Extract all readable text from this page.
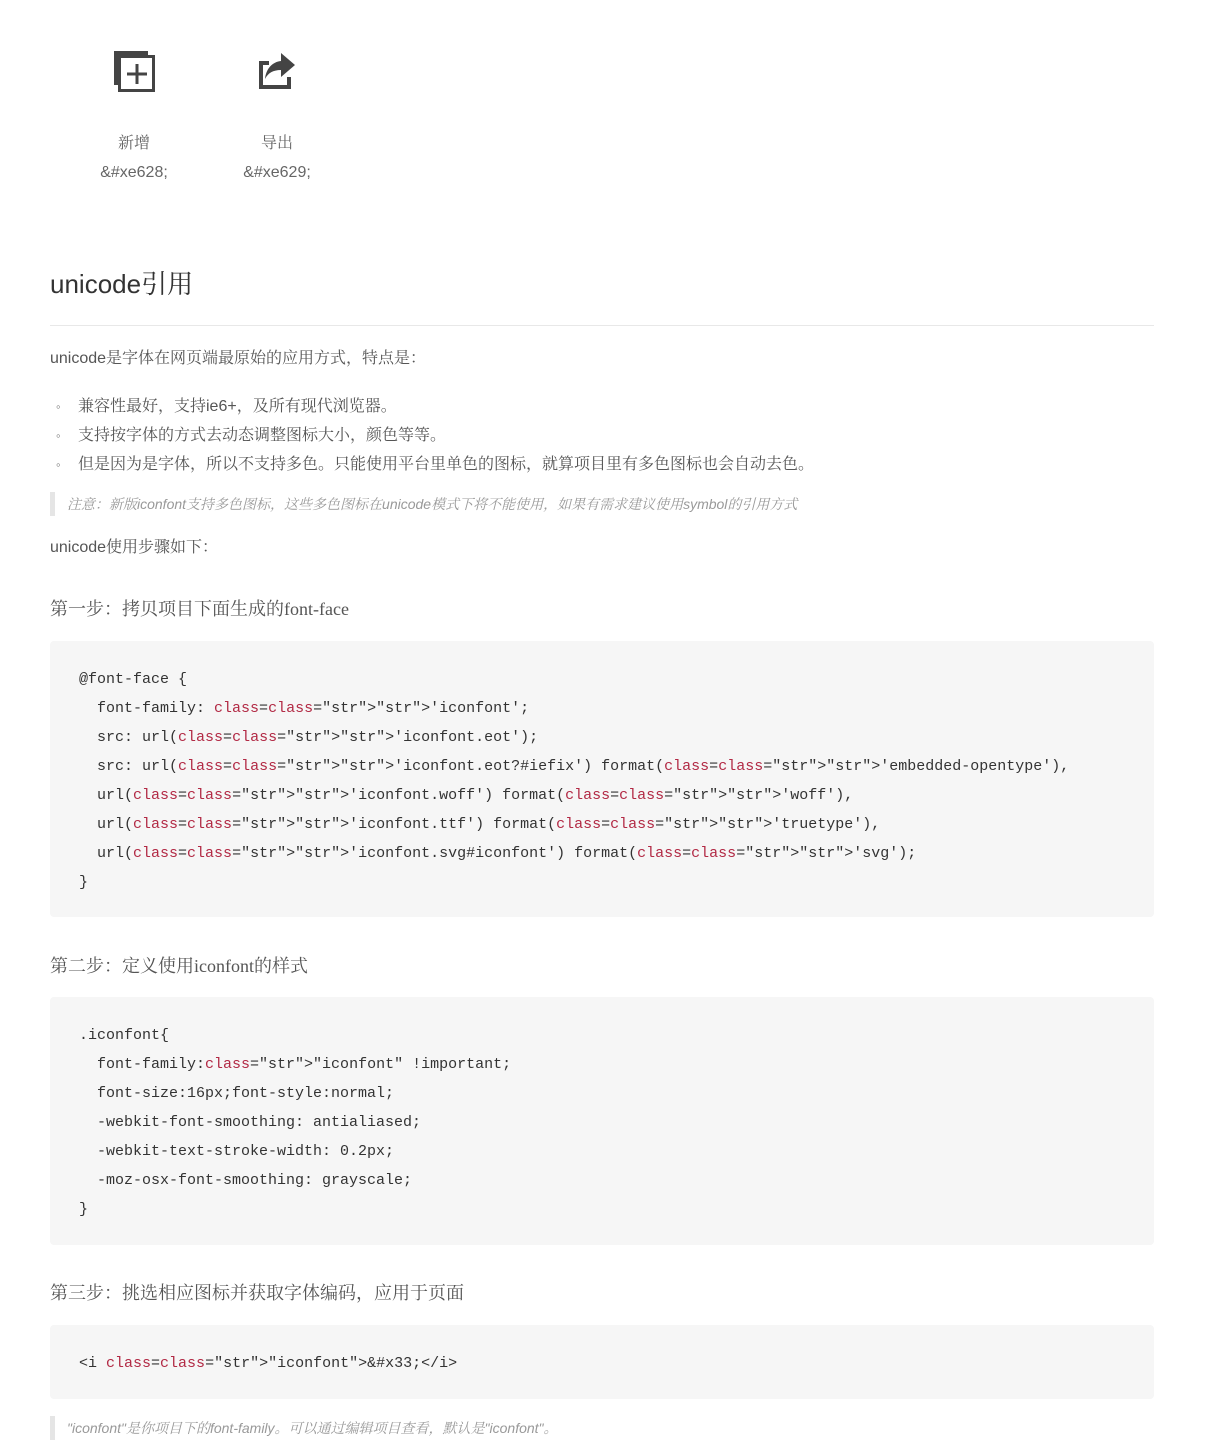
新增
&#xe628;
导出
&#xe629;
unicode引用
unicode是字体在网页端最原始的应用方式，特点是：
◦ 兼容性最好，支持ie6+，及所有现代浏览器。
◦ 支持按字体的方式去动态调整图标大小，颜色等等。
◦ 但是因为是字体，所以不支持多色。只能使用平台里单色的图标，就算项目里有多色图标也会自动去色。
注意：新版iconfont支持多色图标，这些多色图标在unicode模式下将不能使用，如果有需求建议使用symbol的引用方式
unicode使用步骤如下：
第一步：拷贝项目下面生成的font-face
@font-face {
font-family: class=class="str">"str">'iconfont';
src: url(class=class="str">"str">'iconfont.eot');
src: url(class=class="str">"str">'iconfont.eot?#iefix') format(class=class="str">"str">'embedded-opentype'),
url(class=class="str">"str">'iconfont.woff') format(class=class="str">"str">'woff'),
url(class=class="str">"str">'iconfont.ttf') format(class=class="str">"str">'truetype'),
url(class=class="str">"str">'iconfont.svg#iconfont') format(class=class="str">"str">'svg');
}
第二步：定义使用iconfont的样式
.iconfont{
font-family:class="str">"iconfont" !important;
font-size:16px;font-style:normal;
-webkit-font-smoothing: antialiased;
-webkit-text-stroke-width: 0.2px;
-moz-osx-font-smoothing: grayscale;
}
第三步：挑选相应图标并获取字体编码，应用于页面
<i class=class="str">"iconfont">&#x33;</i>
"iconfont"是你项目下的font-family。可以通过编辑项目查看，默认是"iconfont"。
